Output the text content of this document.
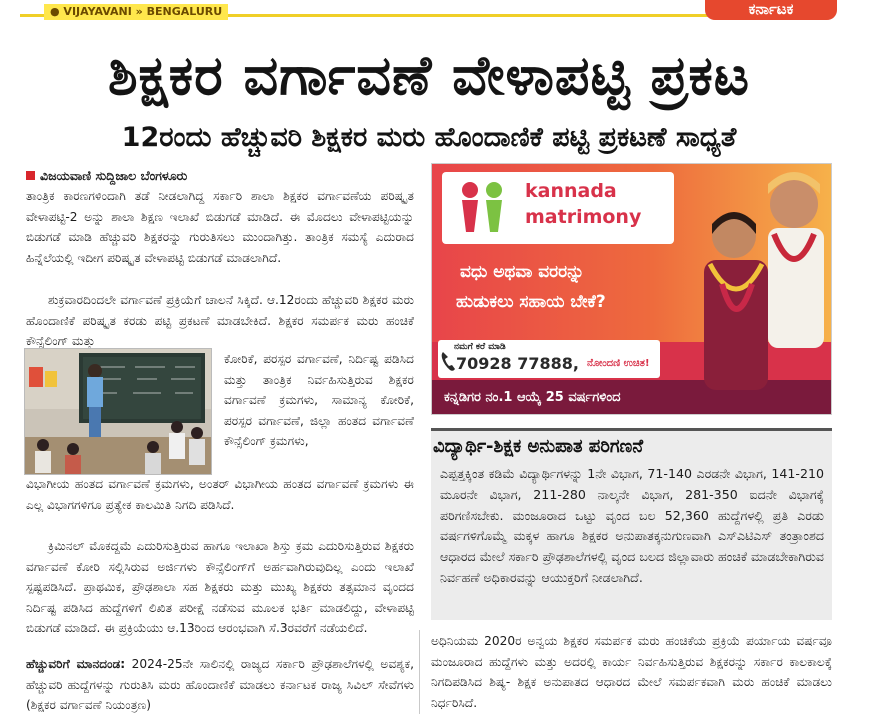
● VIJAYAVANI » BENGALURU	ಕರ್ನಾಟಕ
ಶಿಕ್ಷಕರ ವರ್ಗಾವಣೆ ವೇಳಾಪಟ್ಟಿ ಪ್ರಕಟ
12ರಂದು ಹೆಚ್ಚುವರಿ ಶಿಕ್ಷಕರ ಮರು ಹೊಂದಾಣಿಕೆ ಪಟ್ಟಿ ಪ್ರಕಟಣೆ ಸಾಧ್ಯತೆ
ವಿಜಯವಾಣಿ ಸುದ್ದಿಜಾಲ ಬೆಂಗಳೂರು
ತಾಂತ್ರಿಕ ಕಾರಣಗಳಿಂದಾಗಿ ತಡೆ ನೀಡಲಾಗಿದ್ದ ಸರ್ಕಾರಿ ಶಾಲಾ ಶಿಕ್ಷಕರ ವರ್ಗಾವಣೆಯ ಪರಿಷ್ಕೃತ ವೇಳಾಪಟ್ಟಿ-2 ಅನ್ನು ಶಾಲಾ ಶಿಕ್ಷಣ ಇಲಾಖೆ ಬಿಡುಗಡೆ ಮಾಡಿದೆ. ಈ ಮೊದಲು ವೇಳಾಪಟ್ಟಿಯನ್ನು ಬಿಡುಗಡೆ ಮಾಡಿ ಹೆಚ್ಚುವರಿ ಶಿಕ್ಷಕರನ್ನು ಗುರುತಿಸಲು ಮುಂದಾಗಿತ್ತು. ತಾಂತ್ರಿಕ ಸಮಸ್ಯೆ ಎದುರಾದ ಹಿನ್ನೆಲೆಯಲ್ಲಿ ಇದೀಗ ಪರಿಷ್ಕೃತ ವೇಳಾಪಟ್ಟಿ ಬಿಡುಗಡೆ ಮಾಡಲಾಗಿದೆ.
ಶುಕ್ರವಾರದಿಂದಲೇ ವರ್ಗಾವಣೆ ಪ್ರಕ್ರಿಯೆಗೆ ಚಾಲನೆ ಸಿಕ್ಕಿದೆ. ಆ.12ರಂದು ಹೆಚ್ಚುವರಿ ಶಿಕ್ಷಕರ ಮರು ಹೊಂದಾಣಿಕೆ ಪರಿಷ್ಕೃತ ಕರಡು ಪಟ್ಟಿ ಪ್ರಕಟಣೆ ಮಾಡಬೇಕಿದೆ. ಶಿಕ್ಷಕರ ಸಮರ್ಪಕ ಮರು ಹಂಚಿಕೆ ಕೌನ್ಸೆಲಿಂಗ್ ಮತ್ತು
ಕೋರಿಕೆ, ಪರಸ್ಪರ ವರ್ಗಾವಣೆ, ನಿರ್ದಿಷ್ಟ ಪಡಿಸಿದ ಮತ್ತು ತಾಂತ್ರಿಕ ನಿರ್ವಹಿಸುತ್ತಿರುವ ಶಿಕ್ಷಕರ ವರ್ಗಾವಣೆ ಕ್ರಮಗಳು, ಸಾಮಾನ್ಯ ಕೋರಿಕೆ, ಪರಸ್ಪರ ವರ್ಗಾವಣೆ, ಜಿಲ್ಲಾ ಹಂತದ ವರ್ಗಾವಣೆ ಕೌನ್ಸೆಲಿಂಗ್ ಕ್ರಮಗಳು,
ವಿಭಾಗೀಯ ಹಂತದ ವರ್ಗಾವಣೆ ಕ್ರಮಗಳು, ಅಂತರ್ ವಿಭಾಗೀಯ ಹಂತದ ವರ್ಗಾವಣೆ ಕ್ರಮಗಳು ಈ ಎಲ್ಲ ವಿಭಾಗಗಳಿಗೂ ಪ್ರತ್ಯೇಕ ಕಾಲಮಿತಿ ನಿಗದಿ ಪಡಿಸಿದೆ.
ಕ್ರಿಮಿನಲ್ ಮೊಕದ್ದಮೆ ಎದುರಿಸುತ್ತಿರುವ ಹಾಗೂ ಇಲಾಖಾ ಶಿಸ್ತು ಕ್ರಮ ಎದುರಿಸುತ್ತಿರುವ ಶಿಕ್ಷಕರು ವರ್ಗಾವಣೆ ಕೋರಿ ಸಲ್ಲಿಸಿರುವ ಅರ್ಜಿಗಳು ಕೌನ್ಸೆಲಿಂಗ್‌ಗೆ ಅರ್ಹವಾಗಿರುವುದಿಲ್ಲ ಎಂದು ಇಲಾಖೆ ಸ್ಪಷ್ಟಪಡಿಸಿದೆ. ಪ್ರಾಥಮಿಕ, ಪ್ರೌಢಶಾಲಾ ಸಹ ಶಿಕ್ಷಕರು ಮತ್ತು ಮುಖ್ಯ ಶಿಕ್ಷಕರು ತತ್ಸಮಾನ ವೃಂದದ ನಿರ್ದಿಷ್ಟ ಪಡಿಸಿದ ಹುದ್ದೆಗಳಿಗೆ ಲಿಖಿತ ಪರೀಕ್ಷೆ ನಡೆಸುವ ಮೂಲಕ ಭರ್ತಿ ಮಾಡಲಿದ್ದು, ವೇಳಾಪಟ್ಟಿ ಬಿಡುಗಡೆ ಮಾಡಿದೆ. ಈ ಪ್ರಕ್ರಿಯೆಯು ಆ.13ರಿಂದ ಆರಂಭವಾಗಿ ಸೆ.3ರವರೆಗೆ ನಡೆಯಲಿದೆ.
ಹೆಚ್ಚುವರಿಗೆ ಮಾನದಂಡ: 2024-25ನೇ ಸಾಲಿನಲ್ಲಿ ರಾಜ್ಯದ ಸರ್ಕಾರಿ ಪ್ರೌಢಶಾಲೆಗಳಲ್ಲಿ ಅವಶ್ಯಕ, ಹೆಚ್ಚುವರಿ ಹುದ್ದೆಗಳನ್ನು ಗುರುತಿಸಿ ಮರು ಹೊಂದಾಣಿಕೆ ಮಾಡಲು ಕರ್ನಾಟಕ ರಾಜ್ಯ ಸಿವಿಲ್ ಸೇವೆಗಳು (ಶಿಕ್ಷಕರ ವರ್ಗಾವಣೆ ನಿಯಂತ್ರಣ)
kannada
matrimony
ವಧು ಅಥವಾ ವರರನ್ನು
ಹುಡುಕಲು ಸಹಾಯ ಬೇಕೆ?
ನಮಗೆ ಕರೆ ಮಾಡಿ
70928 77888, ನೋಂದಣಿ ಉಚಿತ!
ಕನ್ನಡಿಗರ ನಂ.1 ಆಯ್ಕೆ 25 ವರ್ಷಗಳಿಂದ
ವಿದ್ಯಾರ್ಥಿ-ಶಿಕ್ಷಕ ಅನುಪಾತ ಪರಿಗಣನೆ
ಎಪ್ಪತ್ತಕ್ಕಿಂತ ಕಡಿಮೆ ವಿದ್ಯಾರ್ಥಿಗಳನ್ನು 1ನೇ ವಿಭಾಗ, 71-140 ಎರಡನೇ ವಿಭಾಗ, 141-210 ಮೂರನೇ ವಿಭಾಗ, 211-280 ನಾಲ್ಕನೇ ವಿಭಾಗ, 281-350 ಐದನೇ ವಿಭಾಗಕ್ಕೆ ಪರಿಗಣಿಸಬೇಕು. ಮಂಜೂರಾದ ಒಟ್ಟು ವೃಂದ ಬಲ 52,360 ಹುದ್ದೆಗಳಲ್ಲಿ ಪ್ರತಿ ಎರಡು ವರ್ಷಗಳಿಗೊಮ್ಮೆ ಮಕ್ಕಳ ಹಾಗೂ ಶಿಕ್ಷಕರ ಅನುಪಾತಕ್ಕನುಗುಣವಾಗಿ ಎಸ್‌ಎಟಿಎಸ್ ತಂತ್ರಾಂಶದ ಆಧಾರದ ಮೇಲೆ ಸರ್ಕಾರಿ ಪ್ರೌಢಶಾಲೆಗಳಲ್ಲಿ ವೃಂದ ಬಲದ ಜಿಲ್ಲಾವಾರು ಹಂಚಿಕೆ ಮಾಡಬೇಕಾಗಿರುವ ನಿರ್ವಹಣೆ ಅಧಿಕಾರವನ್ನು ಆಯುಕ್ತರಿಗೆ ನೀಡಲಾಗಿದೆ.
ಅಧಿನಿಯಮ 2020ರ ಅನ್ವಯ ಶಿಕ್ಷಕರ ಸಮರ್ಪಕ ಮರು ಹಂಚಿಕೆಯ ಪ್ರಕ್ರಿಯೆ ಪರ್ಯಾಯ ವರ್ಷವೂ ಮಂಜೂರಾದ ಹುದ್ದೆಗಳು ಮತ್ತು ಅದರಲ್ಲಿ ಕಾರ್ಯ ನಿರ್ವಹಿಸುತ್ತಿರುವ ಶಿಕ್ಷಕರನ್ನು ಸರ್ಕಾರ ಕಾಲಕಾಲಕ್ಕೆ ನಿಗದಿಪಡಿಸಿದ ಶಿಷ್ಯ- ಶಿಕ್ಷಕ ಅನುಪಾತದ ಆಧಾರದ ಮೇಲೆ ಸಮರ್ಪಕವಾಗಿ ಮರು ಹಂಚಿಕೆ ಮಾಡಲು ನಿರ್ಧರಿಸಿದೆ.
